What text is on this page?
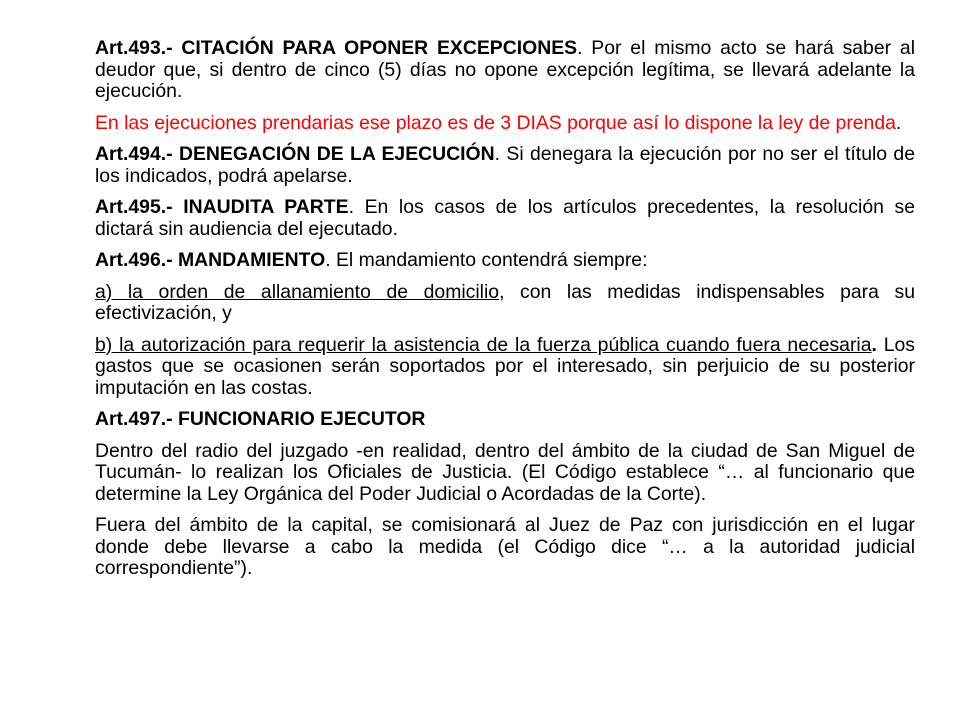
Art.493.- CITACIÓN PARA OPONER EXCEPCIONES. Por el mismo acto se hará saber al deudor que, si dentro de cinco (5) días no opone excepción legítima, se llevará adelante la ejecución.

En las ejecuciones prendarias ese plazo es de 3 DIAS porque así lo dispone la ley de prenda.

Art.494.- DENEGACIÓN DE LA EJECUCIÓN. Si denegara la ejecución por no ser el título de los indicados, podrá apelarse.

Art.495.- INAUDITA PARTE. En los casos de los artículos precedentes, la resolución se dictará sin audiencia del ejecutado.

Art.496.- MANDAMIENTO. El mandamiento contendrá siempre:

a) la orden de allanamiento de domicilio, con las medidas indispensables para su efectivización, y

b) la autorización para requerir la asistencia de la fuerza pública cuando fuera necesaria. Los gastos que se ocasionen serán soportados por el interesado, sin perjuicio de su posterior imputación en las costas.

Art.497.- FUNCIONARIO EJECUTOR

Dentro del radio del juzgado -en realidad, dentro del ámbito de la ciudad de San Miguel de Tucumán- lo realizan los Oficiales de Justicia. (El Código establece “… al funcionario que determine la Ley Orgánica del Poder Judicial o Acordadas de la Corte).

Fuera del ámbito de la capital, se comisionará al Juez de Paz con jurisdicción en el lugar donde debe llevarse a cabo la medida (el Código dice “… a la autoridad judicial correspondiente”).
